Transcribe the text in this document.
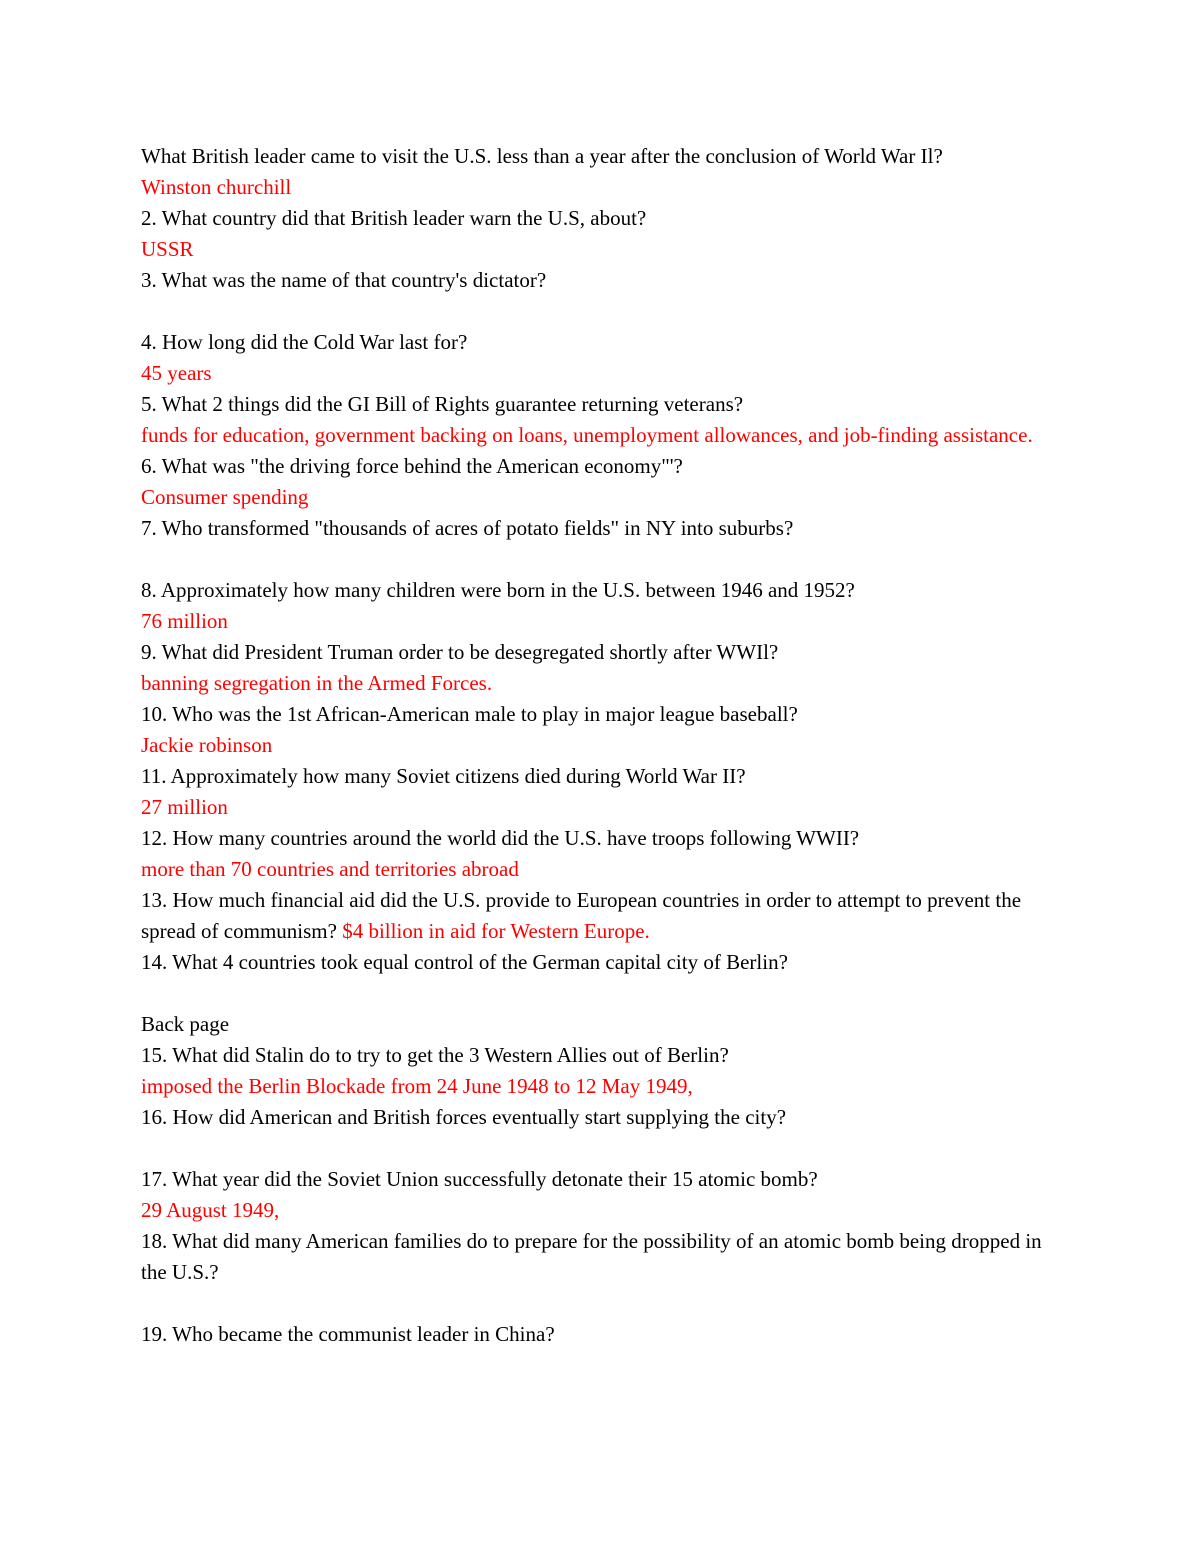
What British leader came to visit the U.S. less than a year after the conclusion of World War Il?

Winston churchill

2. What country did that British leader warn the U.S, about?

USSR

3. What was the name of that country's dictator?

4. How long did the Cold War last for?

45 years

5. What 2 things did the GI Bill of Rights guarantee returning veterans?

funds for education, government backing on loans, unemployment allowances, and job-finding assistance.

6. What was "the driving force behind the American economy"'?

Consumer spending

7. Who transformed "thousands of acres of potato fields" in NY into suburbs?

8. Approximately how many children were born in the U.S. between 1946 and 1952?

76 million

9. What did President Truman order to be desegregated shortly after WWIl?

banning segregation in the Armed Forces.

10. Who was the 1st African-American male to play in major league baseball?

Jackie robinson

11. Approximately how many Soviet citizens died during World War II?

27 million

12. How many countries around the world did the U.S. have troops following WWII?

more than 70 countries and territories abroad

13. How much financial aid did the U.S. provide to European countries in order to attempt to prevent the spread of communism? $4 billion in aid for Western Europe.

14. What 4 countries took equal control of the German capital city of Berlin?

Back page

15. What did Stalin do to try to get the 3 Western Allies out of Berlin?

imposed the Berlin Blockade from 24 June 1948 to 12 May 1949,

16. How did American and British forces eventually start supplying the city?

17. What year did the Soviet Union successfully detonate their 15 atomic bomb?

29 August 1949,

18. What did many American families do to prepare for the possibility of an atomic bomb being dropped in the U.S.?

19. Who became the communist leader in China?
